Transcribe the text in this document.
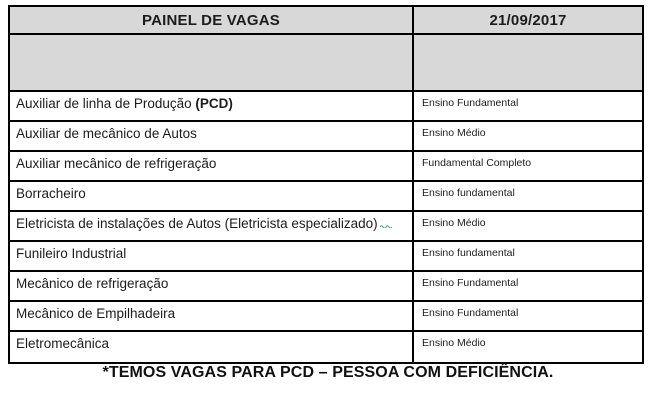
PAINEL DE VAGAS	21/09/2017
Auxiliar de linha de Produção (PCD)	Ensino Fundamental
Auxiliar de mecânico de Autos	Ensino Médio
Auxiliar mecânico de refrigeração	Fundamental Completo
Borracheiro	Ensino fundamental
Eletricista de instalações de Autos (Eletricista especializado)	Ensino Médio
Funileiro Industrial	Ensino fundamental
Mecânico de refrigeração	Ensino Fundamental
Mecânico de Empilhadeira	Ensino Fundamental
Eletromecânica	Ensino Médio
*TEMOS VAGAS PARA PCD – PESSOA COM DEFICIÊNCIA.
